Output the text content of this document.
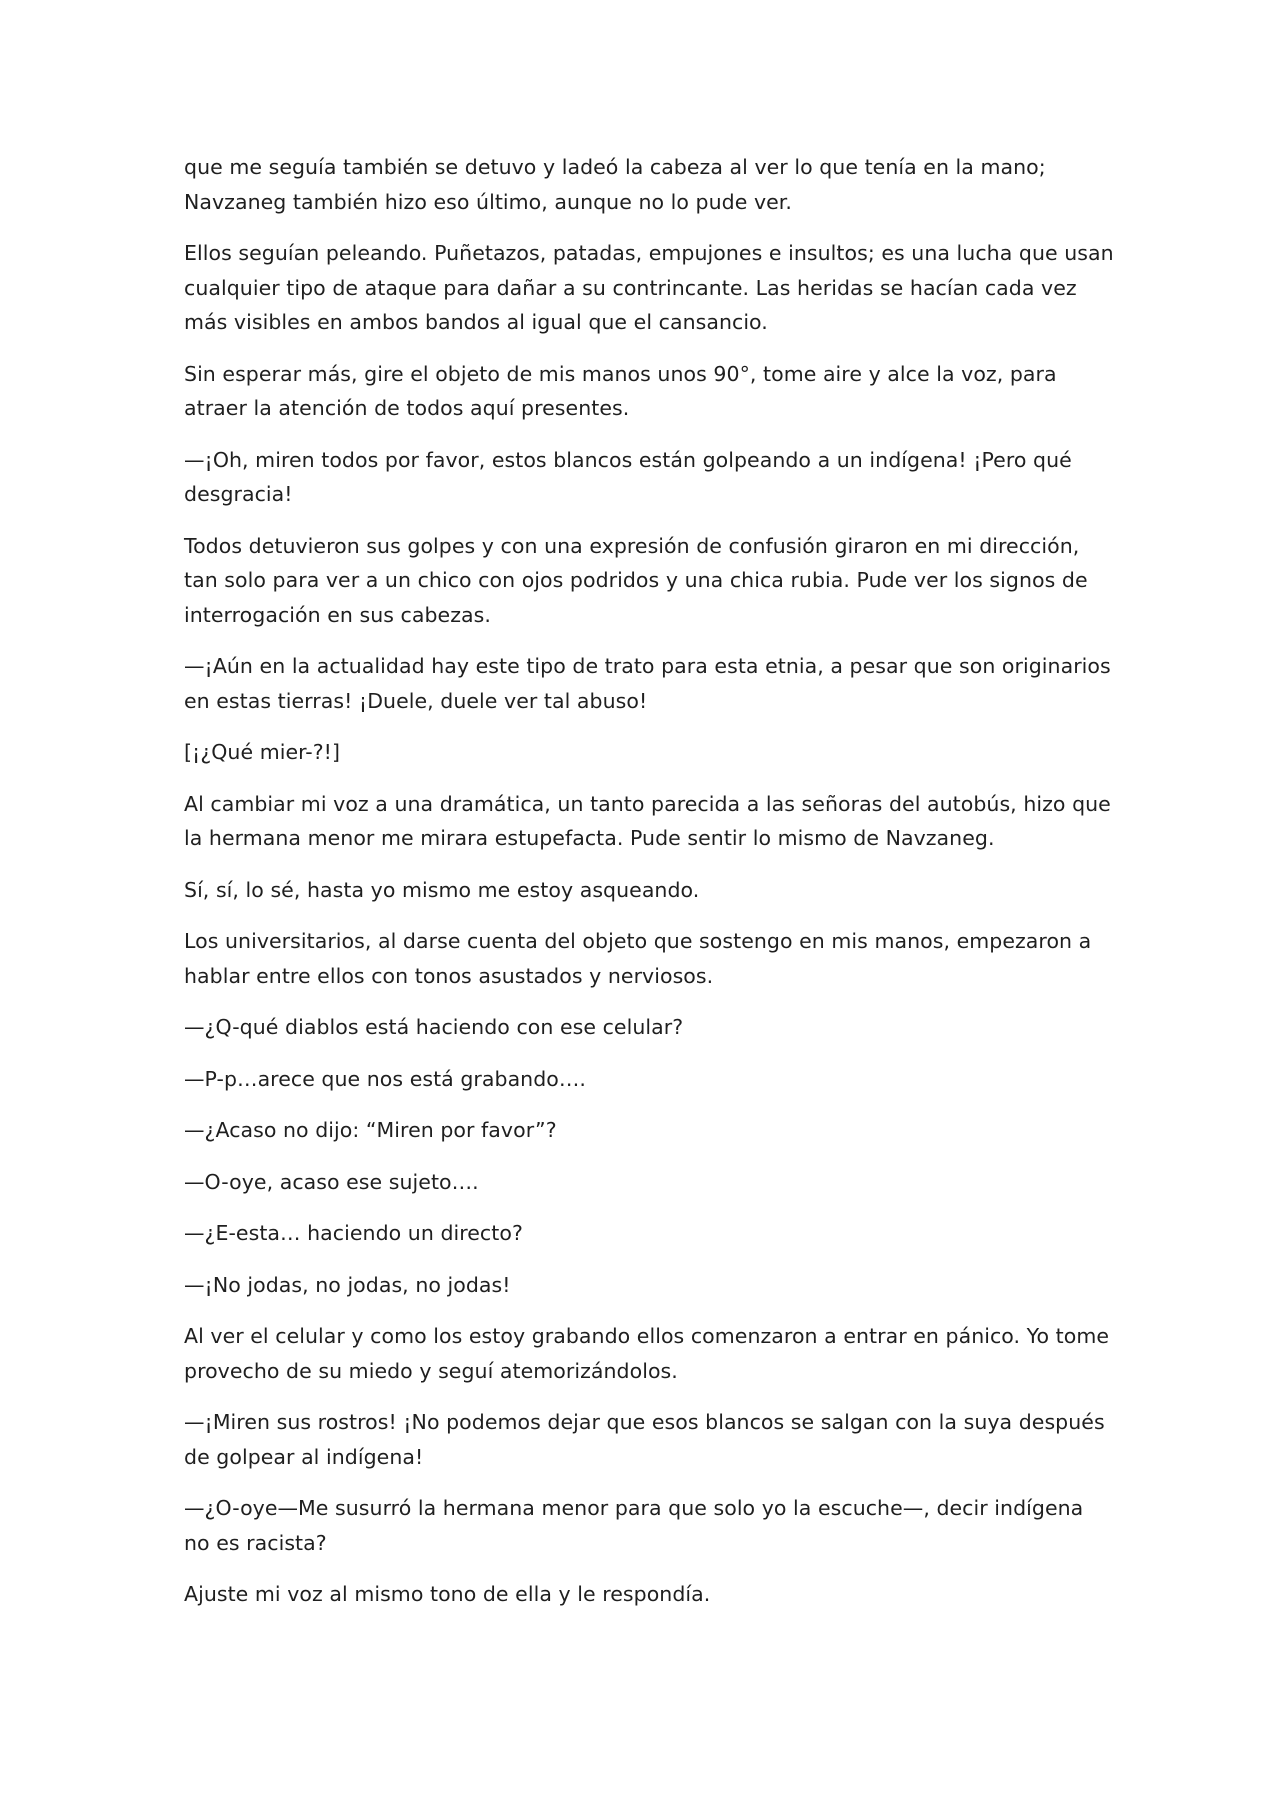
que me seguía también se detuvo y ladeó la cabeza al ver lo que tenía en la mano; Navzaneg también hizo eso último, aunque no lo pude ver.

Ellos seguían peleando. Puñetazos, patadas, empujones e insultos; es una lucha que usan cualquier tipo de ataque para dañar a su contrincante. Las heridas se hacían cada vez más visibles en ambos bandos al igual que el cansancio.

Sin esperar más, gire el objeto de mis manos unos 90°, tome aire y alce la voz, para atraer la atención de todos aquí presentes.

—¡Oh, miren todos por favor, estos blancos están golpeando a un indígena! ¡Pero qué desgracia!

Todos detuvieron sus golpes y con una expresión de confusión giraron en mi dirección, tan solo para ver a un chico con ojos podridos y una chica rubia. Pude ver los signos de interrogación en sus cabezas.

—¡Aún en la actualidad hay este tipo de trato para esta etnia, a pesar que son originarios en estas tierras! ¡Duele, duele ver tal abuso!

[¡¿Qué mier-?!]

Al cambiar mi voz a una dramática, un tanto parecida a las señoras del autobús, hizo que la hermana menor me mirara estupefacta. Pude sentir lo mismo de Navzaneg.

Sí, sí, lo sé, hasta yo mismo me estoy asqueando.

Los universitarios, al darse cuenta del objeto que sostengo en mis manos, empezaron a hablar entre ellos con tonos asustados y nerviosos.

—¿Q-qué diablos está haciendo con ese celular?

—P-p…arece que nos está grabando….

—¿Acaso no dijo: “Miren por favor”?

—O-oye, acaso ese sujeto….

—¿E-esta… haciendo un directo?

—¡No jodas, no jodas, no jodas!

Al ver el celular y como los estoy grabando ellos comenzaron a entrar en pánico. Yo tome provecho de su miedo y seguí atemorizándolos.

—¡Miren sus rostros! ¡No podemos dejar que esos blancos se salgan con la suya después de golpear al indígena!

—¿O-oye—Me susurró la hermana menor para que solo yo la escuche—, decir indígena no es racista?

Ajuste mi voz al mismo tono de ella y le respondía.
